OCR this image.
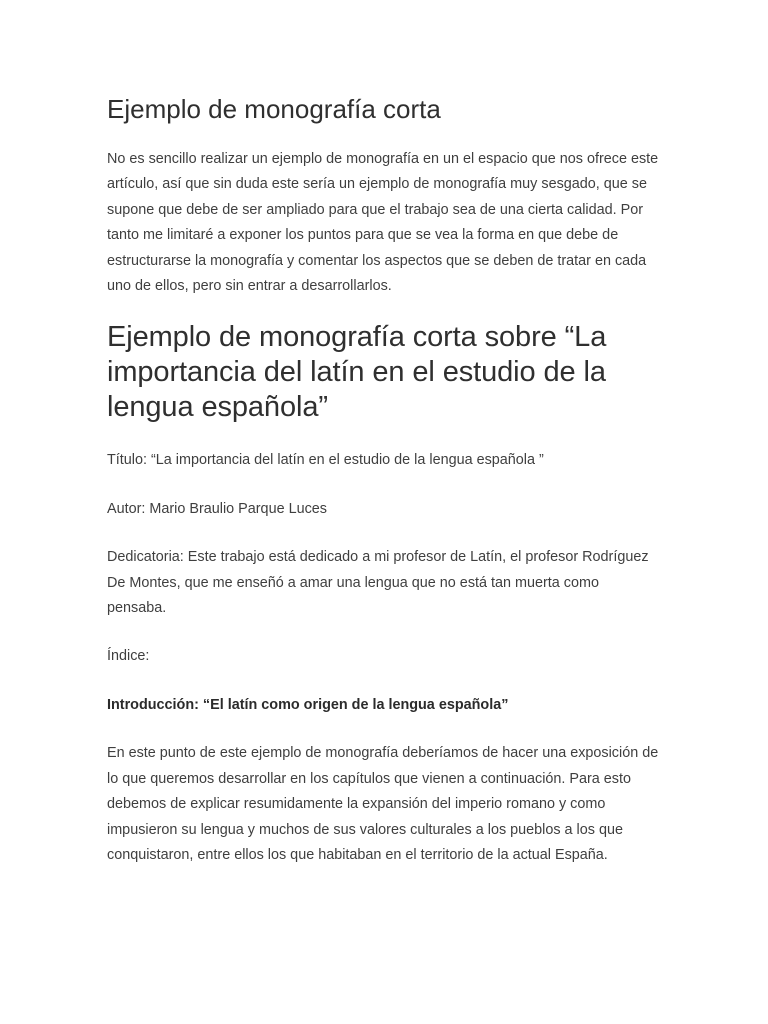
Ejemplo de monografía corta

No es sencillo realizar un ejemplo de monografía en un el espacio que nos ofrece este artículo, así que sin duda este sería un ejemplo de monografía muy sesgado, que se supone que debe de ser ampliado para que el trabajo sea de una cierta calidad. Por tanto me limitaré a exponer los puntos para que se vea la forma en que debe de estructurarse la monografía y comentar los aspectos que se deben de tratar en cada uno de ellos, pero sin entrar a desarrollarlos.

Ejemplo de monografía corta sobre “La importancia del latín en el estudio de la lengua española”

Título: “La importancia del latín en el estudio de la lengua española ”

Autor: Mario Braulio Parque Luces

Dedicatoria: Este trabajo está dedicado a mi profesor de Latín, el profesor Rodríguez De Montes, que me enseñó a amar una lengua que no está tan muerta como pensaba.

Índice:

Introducción: “El latín como origen de la lengua española”

En este punto de este ejemplo de monografía deberíamos de hacer una exposición de lo que queremos desarrollar en los capítulos que vienen a continuación. Para esto debemos de explicar resumidamente la expansión del imperio romano y como impusieron su lengua y muchos de sus valores culturales a los pueblos a los que conquistaron, entre ellos los que habitaban en el territorio de la actual España.
